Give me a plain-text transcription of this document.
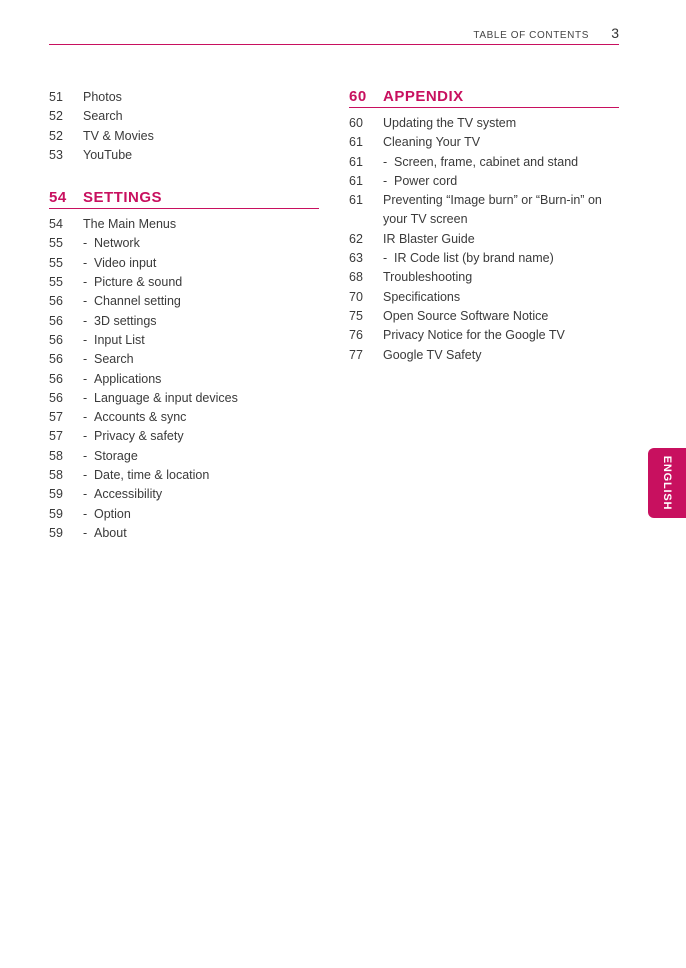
TABLE OF CONTENTS 3
51	Photos
52	Search
52	TV & Movies
53	YouTube
54	SETTINGS
54	The Main Menus
55	- Network
55	- Video input
55	- Picture & sound
56	- Channel setting
56	- 3D settings
56	- Input List
56	- Search
56	- Applications
56	- Language & input devices
57	- Accounts & sync
57	- Privacy & safety
58	- Storage
58	- Date, time & location
59	- Accessibility
59	- Option
59	- About
60	APPENDIX
60	Updating the TV system
61	Cleaning Your TV
61	- Screen, frame, cabinet and stand
61	- Power cord
61	Preventing “Image burn” or “Burn-in” on your TV screen
62	IR Blaster Guide
63	- IR Code list (by brand name)
68	Troubleshooting
70	Specifications
75	Open Source Software Notice
76	Privacy Notice for the Google TV
77	Google TV Safety
ENGLISH
